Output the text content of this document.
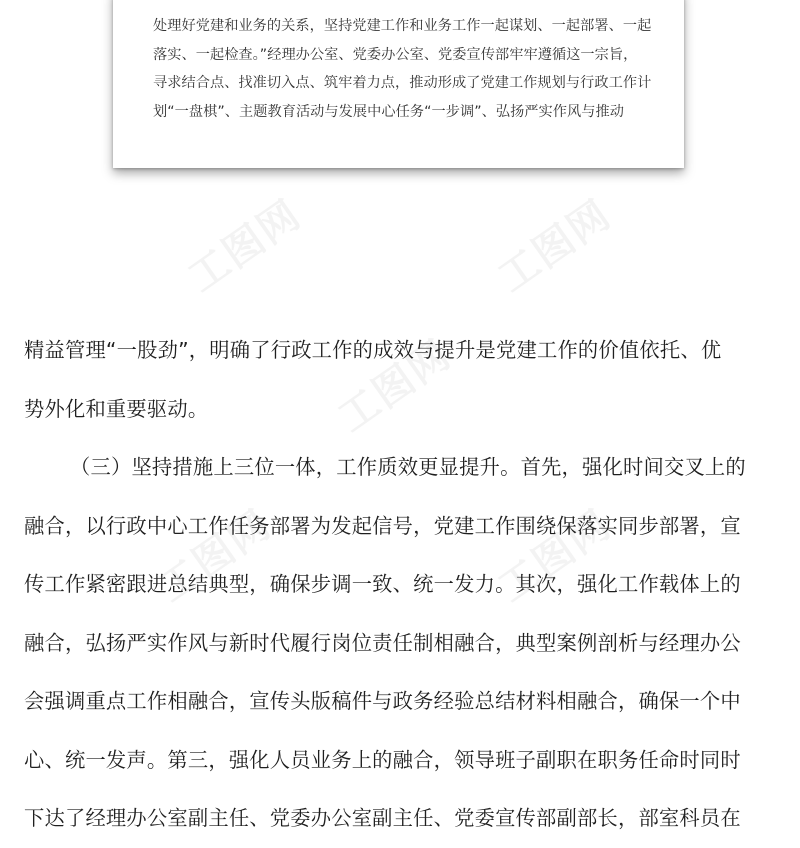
处理好党建和业务的关系，坚持党建工作和业务工作一起谋划、一起部署、一起
落实、一起检查。”经理办公室、党委办公室、党委宣传部牢牢遵循这一宗旨，
寻求结合点、找准切入点、筑牢着力点，推动形成了党建工作规划与行政工作计
划“一盘棋”、主题教育活动与发展中心任务“一步调”、弘扬严实作风与推动
工图网	工图网
工图网
工图网	工图网
精益管理“一股劲”，明确了行政工作的成效与提升是党建工作的价值依托、优
势外化和重要驱动。
（三）坚持措施上三位一体，工作质效更显提升。首先，强化时间交叉上的
融合，以行政中心工作任务部署为发起信号，党建工作围绕保落实同步部署，宣
传工作紧密跟进总结典型，确保步调一致、统一发力。其次，强化工作载体上的
融合，弘扬严实作风与新时代履行岗位责任制相融合，典型案例剖析与经理办公
会强调重点工作相融合，宣传头版稿件与政务经验总结材料相融合，确保一个中
心、统一发声。第三，强化人员业务上的融合，领导班子副职在职务任命时同时
下达了经理办公室副主任、党委办公室副主任、党委宣传部副部长，部室科员在
